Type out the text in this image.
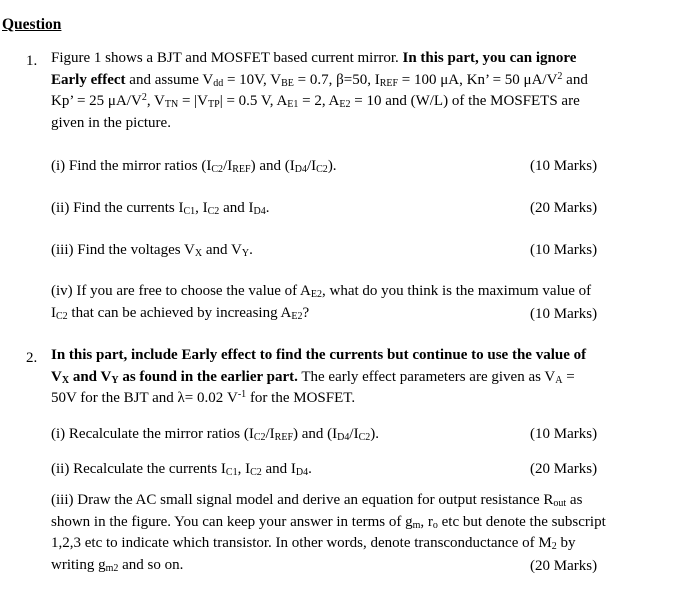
Question
1. Figure 1 shows a BJT and MOSFET based current mirror. In this part, you can ignore
Early effect and assume $V_{dd} = 10V$, $V_{BE} = 0.7$, β=50, $I_{REF} = 100$ μA, Kn’ = 50 $\mu A/V^2$ and
Kp’ = 25 $\mu A/V^2$, $V_{TN} = |V_{TP}| = 0.5$ V, $A_{E1} = 2$, $A_{E2} = 10$ and (W/L) of the MOSFETS are
given in the picture.
(i) Find the mirror ratios $(I_{C2}/I_{REF})$ and $(I_{D4}/I_{C2})$.	(10 Marks)
(ii) Find the currents $I_{C1}$, $I_{C2}$ and $I_{D4}$.	(20 Marks)
(iii) Find the voltages $V_X$ and $V_Y$.	(10 Marks)
(iv) If you are free to choose the value of $A_{E2}$, what do you think is the maximum value of
$I_{C2}$ that can be achieved by increasing $A_{E2}$?	(10 Marks)
2. In this part, include Early effect to find the currents but continue to use the value of
$V_X$ and $V_Y$ as found in the earlier part. The early effect parameters are given as $V_A$ =
50V for the BJT and λ= 0.02 $V^{-1}$ for the MOSFET.
(i) Recalculate the mirror ratios $(I_{C2}/I_{REF})$ and $(I_{D4}/I_{C2})$.	(10 Marks)
(ii) Recalculate the currents $I_{C1}$, $I_{C2}$ and $I_{D4}$.	(20 Marks)
(iii) Draw the AC small signal model and derive an equation for output resistance $R_{out}$ as
shown in the figure. You can keep your answer in terms of $g_m$, $r_o$ etc but denote the subscript
1,2,3 etc to indicate which transistor. In other words, denote transconductance of $M_2$ by
writing $g_{m2}$ and so on.	(20 Marks)
